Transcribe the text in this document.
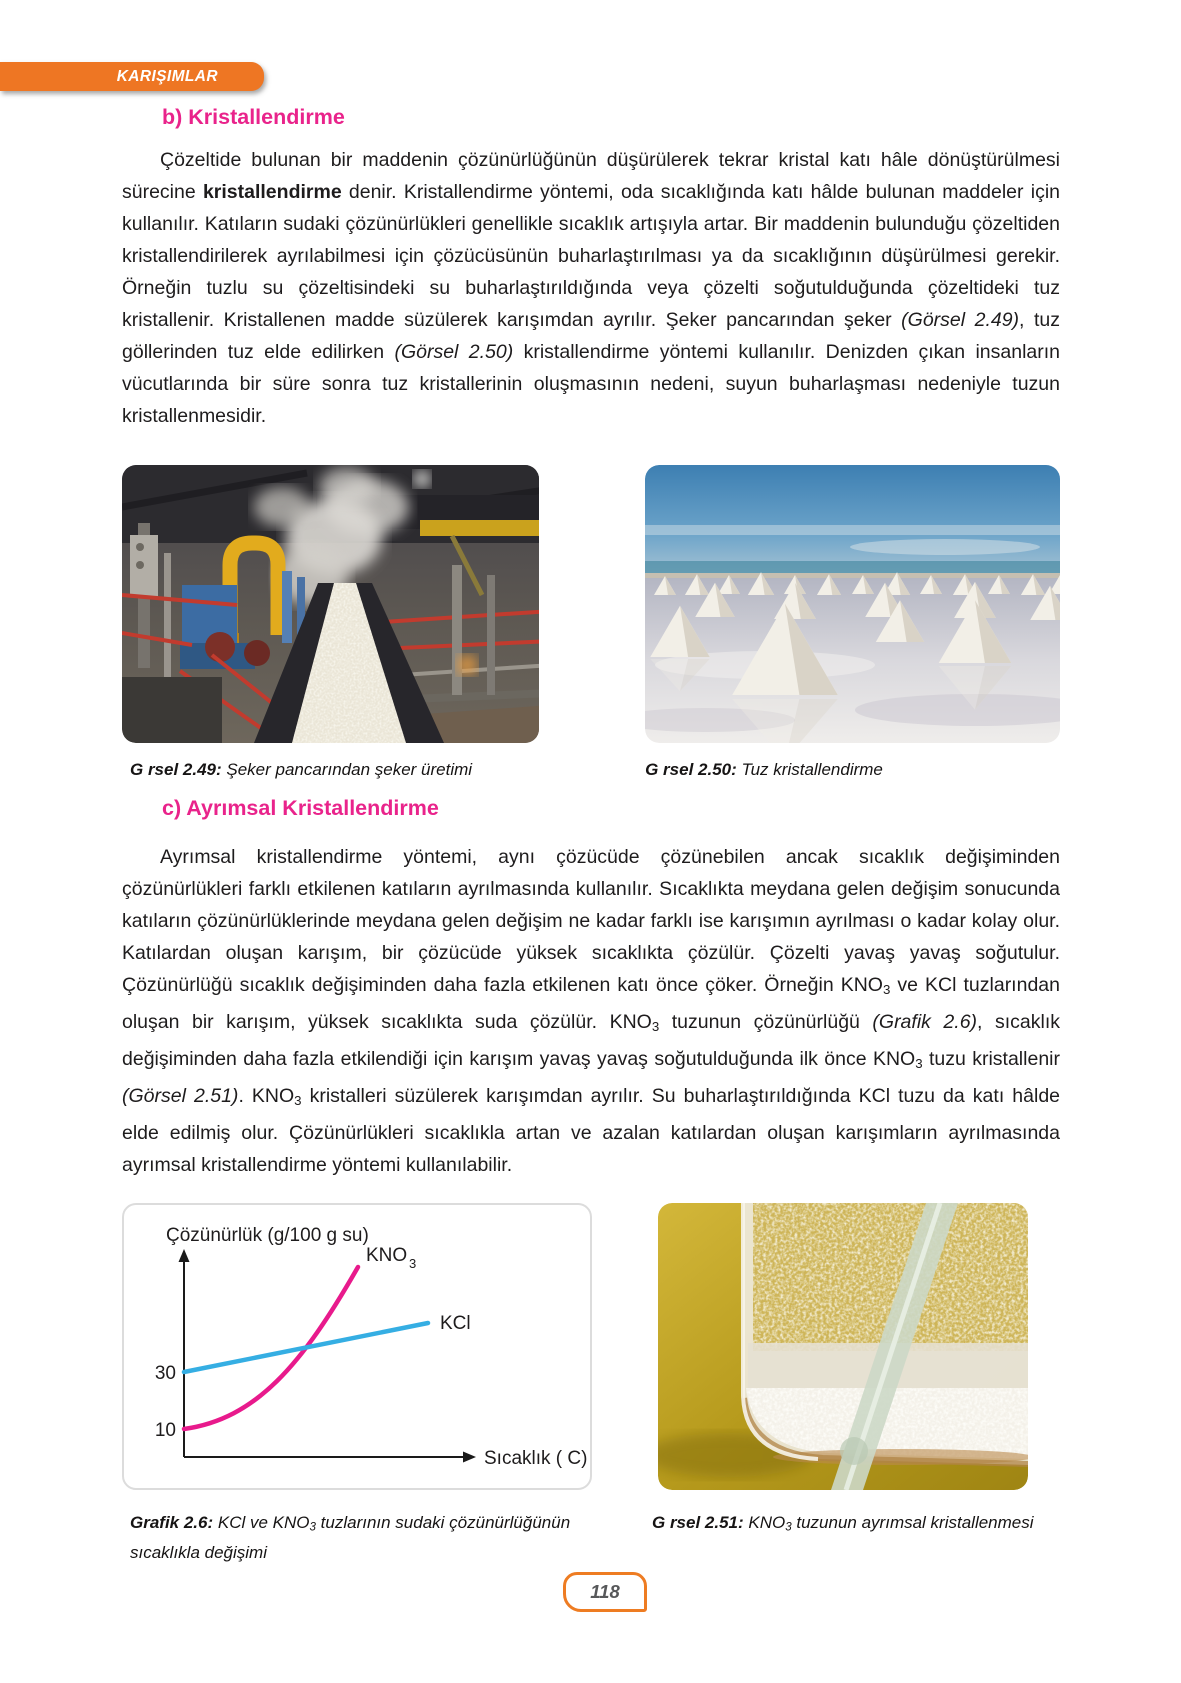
KARIŞIMLAR
b) Kristallendirme

Çözeltide bulunan bir maddenin çözünürlüğünün düşürülerek tekrar kristal katı hâle dönüştürülmesi sürecine kristallendirme denir. Kristallendirme yöntemi, oda sıcaklığında katı hâlde bulunan maddeler için kullanılır. Katıların sudaki çözünürlükleri genellikle sıcaklık artışıyla artar. Bir maddenin bulunduğu çözeltiden kristallendirilerek ayrılabilmesi için çözücüsünün buharlaştırılması ya da sıcaklığının düşürülmesi gerekir. Örneğin tuzlu su çözeltisindeki su buharlaştırıldığında veya çözelti soğutulduğunda çözeltideki tuz kristallenir. Kristallenen madde süzülerek karışımdan ayrılır. Şeker pancarından şeker (Görsel 2.49), tuz göllerinden tuz elde edilirken (Görsel 2.50) kristallendirme yöntemi kullanılır. Denizden çıkan insanların vücutlarında bir süre sonra tuz kristallerinin oluşmasının nedeni, suyun buharlaşması nedeniyle tuzun kristallenmesidir.

G rsel 2.49: Şeker pancarından şeker üretimi	G rsel 2.50: Tuz kristallendirme
c) Ayrımsal Kristallendirme

Ayrımsal kristallendirme yöntemi, aynı çözücüde çözünebilen ancak sıcaklık değişiminden çözünürlükleri farklı etkilenen katıların ayrılmasında kullanılır. Sıcaklıkta meydana gelen değişim sonucunda katıların çözünürlüklerinde meydana gelen değişim ne kadar farklı ise karışımın ayrılması o kadar kolay olur. Katılardan oluşan karışım, bir çözücüde yüksek sıcaklıkta çözülür. Çözelti yavaş yavaş soğutulur. Çözünürlüğü sıcaklık değişiminden daha fazla etkilenen katı önce çöker. Örneğin $KNO_3$ ve KCl tuzlarından oluşan bir karışım, yüksek sıcaklıkta suda çözülür. $KNO_3$ tuzunun çözünürlüğü (Grafik 2.6), sıcaklık değişiminden daha fazla etkilendiği için karışım yavaş yavaş soğutulduğunda ilk önce $KNO_3$ tuzu kristallenir (Görsel 2.51). $KNO_3$ kristalleri süzülerek karışımdan ayrılır. Su buharlaştırıldığında KCl tuzu da katı hâlde elde edilmiş olur. Çözünürlükleri sıcaklıkla artan ve azalan katılardan oluşan karışımların ayrılmasında ayrımsal kristallendirme yöntemi kullanılabilir.

Çözünürlük (g/100 g su)
Sıcaklık ( C)
30
10
KNO 3
KCl
Grafik 2.6: KCl ve $KNO_3$ tuzlarının sudaki çözünürlüğünün sıcaklıkla değişimi
G rsel 2.51: $KNO_3$ tuzunun ayrımsal kristallenmesi
118
